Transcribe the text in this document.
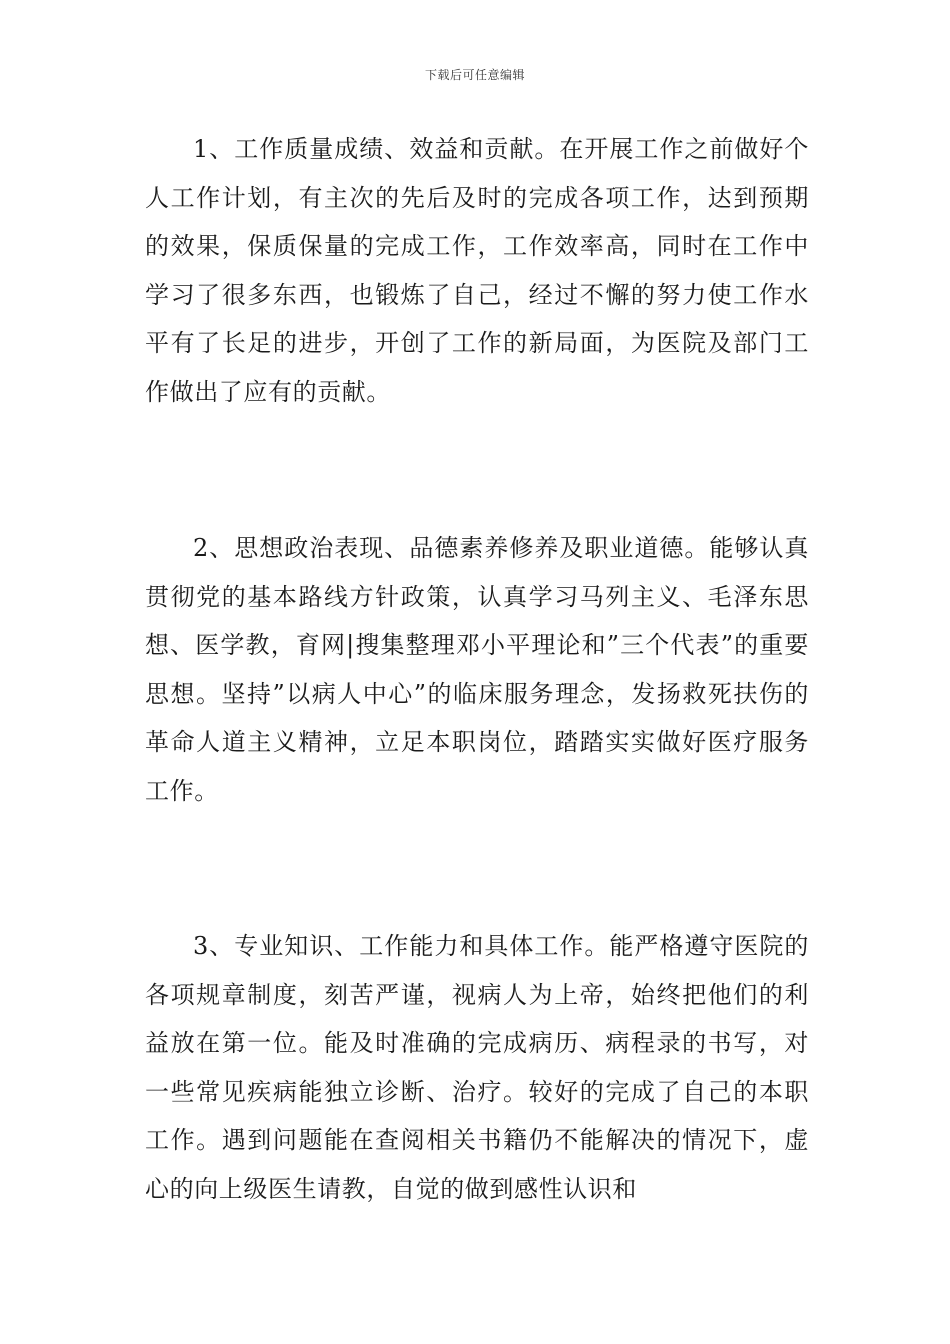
下载后可任意编辑

1、工作质量成绩、效益和贡献。在开展工作之前做好个人工作计划，有主次的先后及时的完成各项工作，达到预期的效果，保质保量的完成工作，工作效率高，同时在工作中学习了很多东西，也锻炼了自己，经过不懈的努力使工作水平有了长足的进步，开创了工作的新局面，为医院及部门工作做出了应有的贡献。

2、思想政治表现、品德素养修养及职业道德。能够认真贯彻党的基本路线方针政策，认真学习马列主义、毛泽东思想、医学教，育网|搜集整理邓小平理论和”三个代表”的重要思想。坚持”以病人中心”的临床服务理念，发扬救死扶伤的革命人道主义精神，立足本职岗位，踏踏实实做好医疗服务工作。

3、专业知识、工作能力和具体工作。能严格遵守医院的各项规章制度，刻苦严谨，视病人为上帝，始终把他们的利益放在第一位。能及时准确的完成病历、病程录的书写，对一些常见疾病能独立诊断、治疗。较好的完成了自己的本职工作。遇到问题能在查阅相关书籍仍不能解决的情况下，虚心的向上级医生请教，自觉的做到感性认识和
